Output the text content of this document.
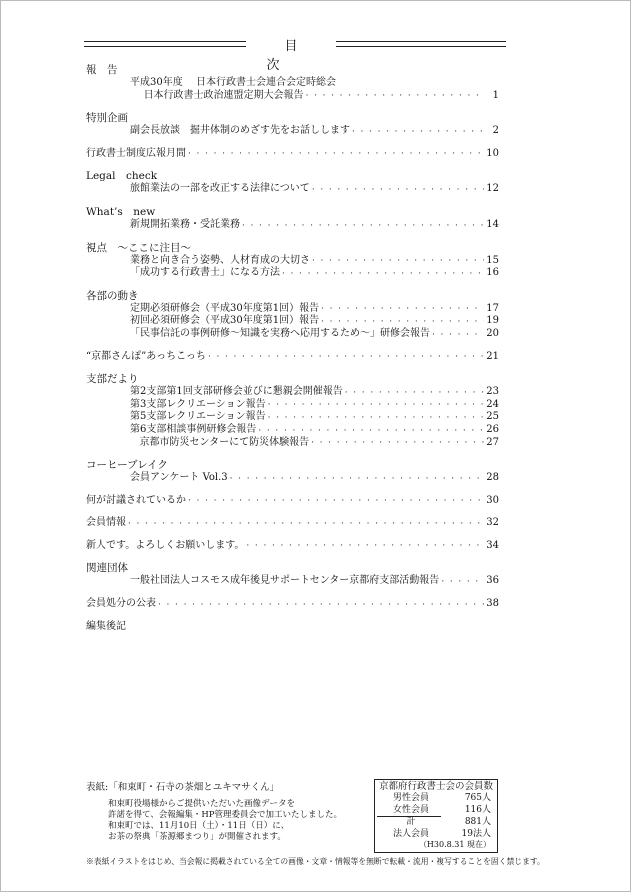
目　次
報　告
平成30年度	日本行政書士会連合会定時総会
日本行政書士政治連盟定期大会報告 · · ·	1
特別企画
副会長放談　掘井体制のめざす先をお話しします · · ·	2
行政書士制度広報月間 · · ·	10
Legal　check
旅館業法の一部を改正する法律について · · ·	12
What’s　new
新規開拓業務・受託業務 · · ·	14
視点　～ここに注目～
業務と向き合う姿勢、人材育成の大切さ · · ·	15
「成功する行政書士」になる方法 · · ·	16
各部の動き
定期必須研修会（平成30年度第1回）報告 · · ·	17
初回必須研修会（平成30年度第1回）報告 · · ·	19
「民事信託の事例研修～知識を実務へ応用するため～」研修会報告 · · ·	20
“京都さんぽ”あっちこっち · · ·	21
支部だより
第2支部 第1回支部研修会並びに懇親会開催報告 · · ·	23
第3支部 レクリエーション報告 · · ·	24
第5支部 レクリエーション報告 · · ·	25
第6支部 相談事例研修会報告 · · ·	26
京都市防災センターにて防災体験報告 · · ·	27
コーヒーブレイク
会員アンケート Vol.3 · · ·	28
何が討議されているか · · ·	30
会員情報 · · ·	32
新人です。よろしくお願いします。 · · ·	34
関連団体
一般社団法人コスモス成年後見サポートセンター京都府支部活動報告 · · ·	36
会員処分の公表 · · ·	38
編集後記
表紙:「和束町・石寺の茶畑とユキマサくん」
和束町役場様からご提供いただいた画像データを
許諾を得て、会報編集・HP管理委員会で加工いたしました。
和束町では、11月10日（土）・11日（日）に、
お茶の祭典「茶源郷まつり」が開催されます。
京都府行政書士会の会員数
男性会員	765人
女性会員	116人
計	881人
法人会員	19法人
（H30.8.31 現在）
※表紙イラストをはじめ、当会報に掲載されている全ての画像・文章・情報等を無断で転載・流用・複写することを固く禁じます。
